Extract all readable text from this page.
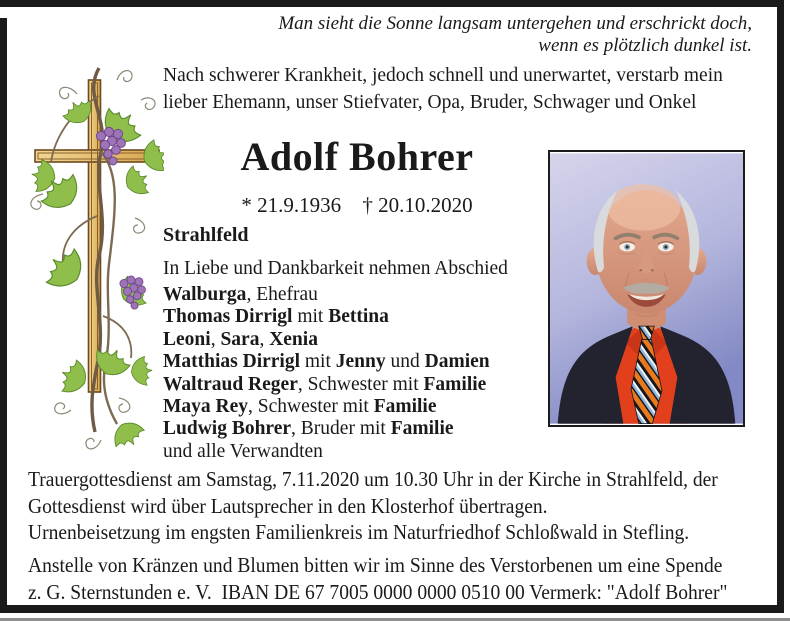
Man sieht die Sonne langsam untergehen und erschrickt doch,
wenn es plötzlich dunkel ist.
Nach schwerer Krankheit, jedoch schnell und unerwartet, verstarb mein
lieber Ehemann, unser Stiefvater, Opa, Bruder, Schwager und Onkel
Adolf Bohrer
* 21.9.1936 † 20.10.2020
Strahlfeld
In Liebe und Dankbarkeit nehmen Abschied
Walburga, Ehefrau
Thomas Dirrigl mit Bettina
Leoni, Sara, Xenia
Matthias Dirrigl mit Jenny und Damien
Waltraud Reger, Schwester mit Familie
Maya Rey, Schwester mit Familie
Ludwig Bohrer, Bruder mit Familie
und alle Verwandten
Trauergottesdienst am Samstag, 7.11.2020 um 10.30 Uhr in der Kirche in Strahlfeld, der
Gottesdienst wird über Lautsprecher in den Klosterhof übertragen.
Urnenbeisetzung im engsten Familienkreis im Naturfriedhof Schloßwald in Stefling.
Anstelle von Kränzen und Blumen bitten wir im Sinne des Verstorbenen um eine Spende
z. G. Sternstunden e. V. IBAN DE 67 7005 0000 0000 0510 00 Vermerk: "Adolf Bohrer"
